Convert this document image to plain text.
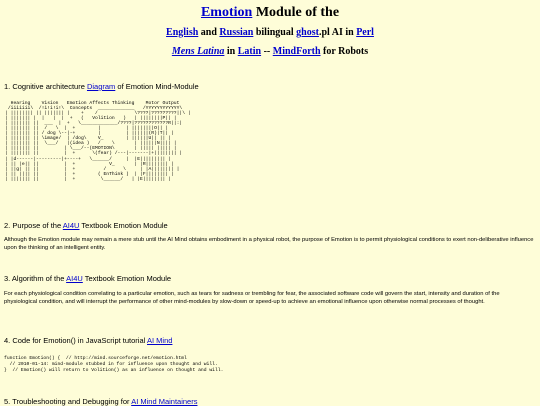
Emotion Module of the
English and Russian bilingual ghost.pl AI in Perl
Mens Latina in Latin -- MindForth for Robots
1. Cognitive architecture Diagram of Emotion Mind-Module
Hearing    Vision   Emotion Affects Thinking    Motor Output
/iiiiiii\  /!i!i!i!\  Concepts  _____________   /YYYYYYYYYYYY\
| |||||||| || ||||||| |    +    /             \????|?????????||\ |
| ||||||| |  |   |  |  +   (   Volition   )   | ||||||||P|| |
| ||||||| ||  ___  |  +   \_____________/????|????????????R||:|
| ||||||| ||  /   \  |  +        |         | ||||||||O|| |
| ||||||| || / dog \--|-+        |         | ||||||(R)|T|| |
| ||||||| || \image/  | /dog\    V_        | ||||||U|| || |
| ||||||| ||  \___/   |(idea )   /    \       | ||||||N|||| |
| ||||||| ||         | \___/--(EMOTION\       | ||||| ||||| |
| ||||||| ||         |  +      \(fear) /---|-------|+|||||||| |
| |d------|---------|+----+   \______/     |  |E||||||||| |
| || |e|| ||         |  +            V_       | |R|||||||| |
| ||g| || ||         |  +          /      \     | |A|||||||| |
| || |||| ||         |  +        ( EnThink )  | |F|||||||| |
| ||||||| ||         |  +         \______/   | |E|||||||| |
2. Purpose of the AI4U Textbook Emotion Module
Although the Emotion module may remain a mere stub until the AI Mind obtains embodiment in a physical robot, the purpose of Emotion is to permit physiological conditions to exert non-deliberative influence upon the thinking of an intelligent entity.
3. Algorithm of the AI4U Textbook Emotion Module
For each physiological condition correlating to a particular emotion, such as tears for sadness or trembling for fear, the associated software code will govern the start, intensity and duration of the physiological condition, and will interrupt the performance of other mind-modules by slow-down or speed-up to achieve an emotional influence upon otherwise normal processes of thought.
4. Code for Emotion() in JavaScript tutorial AI Mind
function Emotion() {  // http://mind.sourceforge.net/emotion.html
// 2010-01-14: mind-module stubbed in for influence upon thought and will.
}  // Emotion() will return to Volition() as an influence on thought and will.
5. Troubleshooting and Debugging for AI Mind Maintainers
